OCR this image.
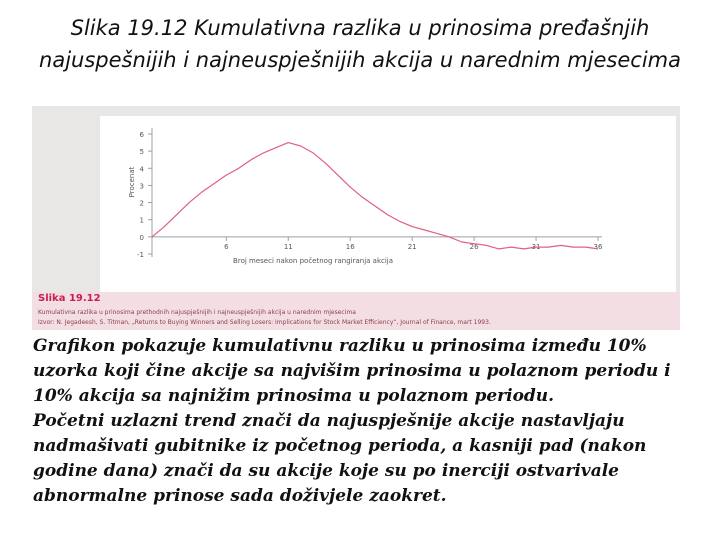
Slika 19.12 Kumulativna razlika u prinosima prеđašnjih
najuspešnijih i najneuspješnijih akcija u narednim mjesecima
-1
0
1
2
3
4
5
6
6	11	16	21	26	31	36
Procenat
Broj meseci nakon početnog rangiranja akcija
Slika 19.12
Kumulativna razlika u prinosima prethodnih najuspješnijih i najneuspješnijih akcija u narednim mjesecima
Izvor: N. Jegadeesh, S. Titman, „Returns to Buying Winners and Selling Losers: Implications for Stock Market Efficiency“, Journal of Finance, mart 1993.

Grafikon pokazuje kumulativnu razliku u prinosima između 10% uzorka koji čine akcije sa najvišim prinosima u polaznom periodu i 10% akcija sa najnižim prinosima u polaznom periodu.

Početni uzlazni trend znači da najuspješnije akcije nastavljaju nadmašivati gubitnike iz početnog perioda, a kasniji pad (nakon godine dana) znači da su akcije koje su po inerciji ostvarivale abnormalne prinose sada doživjele zaokret.
